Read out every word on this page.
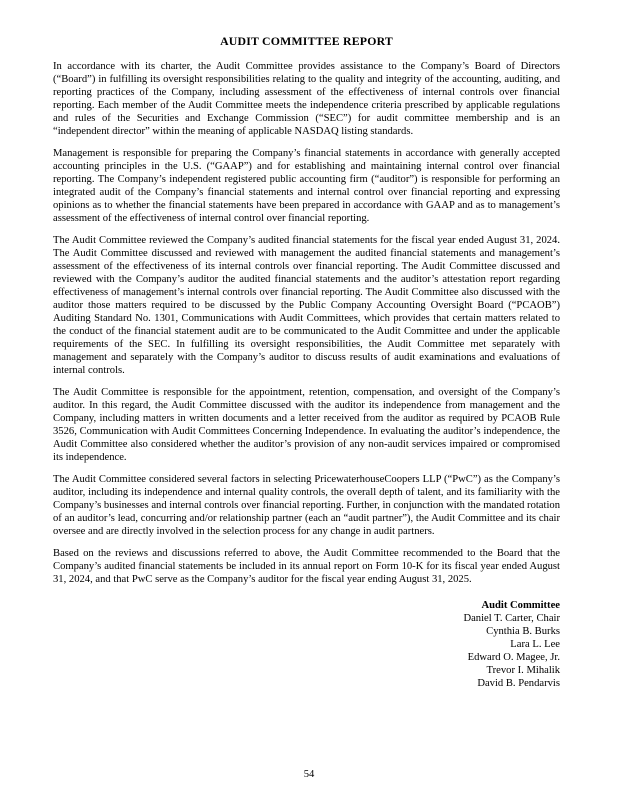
AUDIT COMMITTEE REPORT

In accordance with its charter, the Audit Committee provides assistance to the Company’s Board of Directors (“Board”) in fulfilling its oversight responsibilities relating to the quality and integrity of the accounting, auditing, and reporting practices of the Company, including assessment of the effectiveness of internal controls over financial reporting. Each member of the Audit Committee meets the independence criteria prescribed by applicable regulations and rules of the Securities and Exchange Commission (“SEC”) for audit committee membership and is an “independent director” within the meaning of applicable NASDAQ listing standards.

Management is responsible for preparing the Company’s financial statements in accordance with generally accepted accounting principles in the U.S. (“GAAP”) and for establishing and maintaining internal control over financial reporting. The Company’s independent registered public accounting firm (“auditor”) is responsible for performing an integrated audit of the Company’s financial statements and internal control over financial reporting and expressing opinions as to whether the financial statements have been prepared in accordance with GAAP and as to management’s assessment of the effectiveness of internal control over financial reporting.

The Audit Committee reviewed the Company’s audited financial statements for the fiscal year ended August 31, 2024. The Audit Committee discussed and reviewed with management the audited financial statements and management’s assessment of the effectiveness of its internal controls over financial reporting. The Audit Committee discussed and reviewed with the Company’s auditor the audited financial statements and the auditor’s attestation report regarding effectiveness of management’s internal controls over financial reporting. The Audit Committee also discussed with the auditor those matters required to be discussed by the Public Company Accounting Oversight Board (“PCAOB”) Auditing Standard No. 1301, Communications with Audit Committees, which provides that certain matters related to the conduct of the financial statement audit are to be communicated to the Audit Committee and under the applicable requirements of the SEC. In fulfilling its oversight responsibilities, the Audit Committee met separately with management and separately with the Company’s auditor to discuss results of audit examinations and evaluations of internal controls.

The Audit Committee is responsible for the appointment, retention, compensation, and oversight of the Company’s auditor. In this regard, the Audit Committee discussed with the auditor its independence from management and the Company, including matters in written documents and a letter received from the auditor as required by PCAOB Rule 3526, Communication with Audit Committees Concerning Independence. In evaluating the auditor’s independence, the Audit Committee also considered whether the auditor’s provision of any non-audit services impaired or compromised its independence.

The Audit Committee considered several factors in selecting PricewaterhouseCoopers LLP (“PwC”) as the Company’s auditor, including its independence and internal quality controls, the overall depth of talent, and its familiarity with the Company’s businesses and internal controls over financial reporting. Further, in conjunction with the mandated rotation of an auditor’s lead, concurring and/or relationship partner (each an “audit partner”), the Audit Committee and its chair oversee and are directly involved in the selection process for any change in audit partners.

Based on the reviews and discussions referred to above, the Audit Committee recommended to the Board that the Company’s audited financial statements be included in its annual report on Form 10-K for its fiscal year ended August 31, 2024, and that PwC serve as the Company’s auditor for the fiscal year ending August 31, 2025.

Audit Committee
Daniel T. Carter, Chair
Cynthia B. Burks
Lara L. Lee
Edward O. Magee, Jr.
Trevor I. Mihalik
David B. Pendarvis
54
